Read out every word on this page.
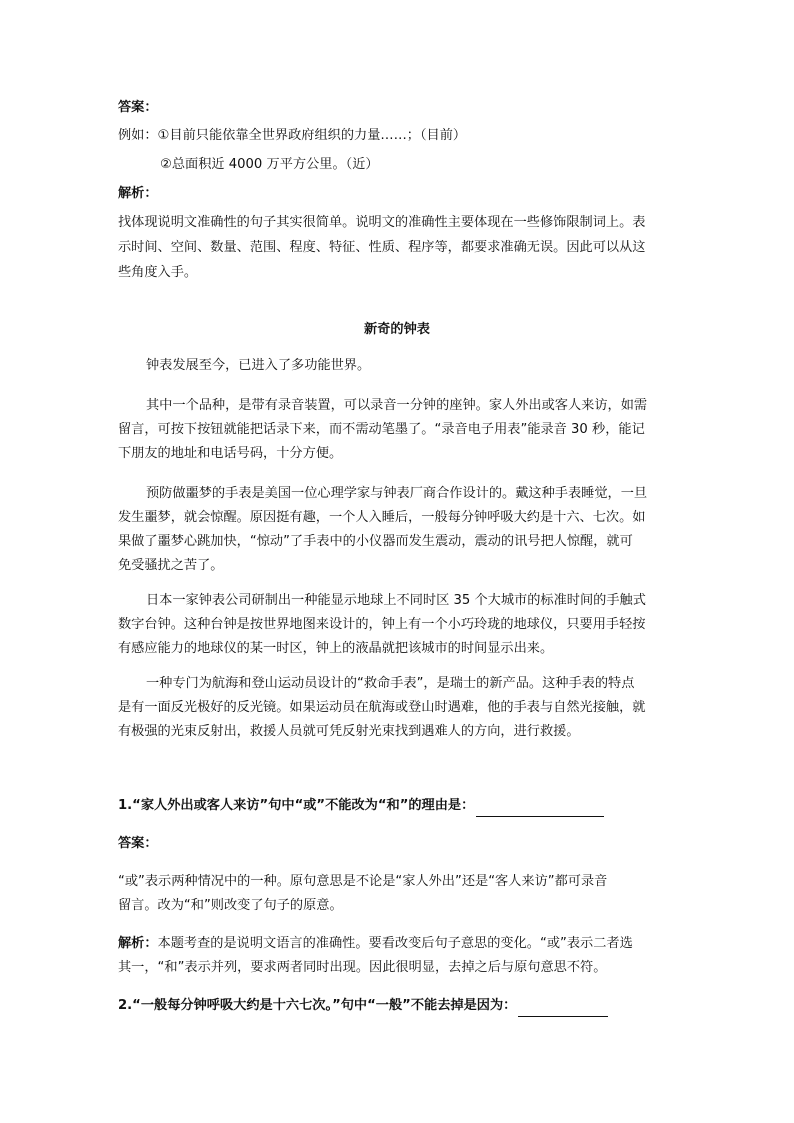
答案：
例如：①目前只能依靠全世界政府组织的力量……；（目前）
②总面积近 4000 万平方公里。（近）
解析：
找体现说明文准确性的句子其实很简单。说明文的准确性主要体现在一些修饰限制词上。表
示时间、空间、数量、范围、程度、特征、性质、程序等，都要求准确无误。因此可以从这
些角度入手。
新奇的钟表
钟表发展至今，已进入了多功能世界。
其中一个品种，是带有录音装置，可以录音一分钟的座钟。家人外出或客人来访，如需
留言，可按下按钮就能把话录下来，而不需动笔墨了。“录音电子用表”能录音 30 秒，能记
下朋友的地址和电话号码，十分方便。
预防做噩梦的手表是美国一位心理学家与钟表厂商合作设计的。戴这种手表睡觉，一旦
发生噩梦，就会惊醒。原因挺有趣，一个人入睡后，一般每分钟呼吸大约是十六、七次。如
果做了噩梦心跳加快，“惊动”了手表中的小仪器而发生震动，震动的讯号把人惊醒，就可
免受骚扰之苦了。
日本一家钟表公司研制出一种能显示地球上不同时区 35 个大城市的标准时间的手触式
数字台钟。这种台钟是按世界地图来设计的，钟上有一个小巧玲珑的地球仪，只要用手轻按
有感应能力的地球仪的某一时区，钟上的液晶就把该城市的时间显示出来。
一种专门为航海和登山运动员设计的“救命手表”，是瑞士的新产品。这种手表的特点
是有一面反光极好的反光镜。如果运动员在航海或登山时遇难，他的手表与自然光接触，就
有极强的光束反射出，救援人员就可凭反射光束找到遇难人的方向，进行救援。
1.“家人外出或客人来访”句中“或”不能改为“和”的理由是：
答案：
“或”表示两种情况中的一种。原句意思是不论是“家人外出”还是“客人来访”都可录音
留言。改为“和”则改变了句子的原意。
解析：本题考查的是说明文语言的准确性。要看改变后句子意思的变化。“或”表示二者选
其一，“和”表示并列，要求两者同时出现。因此很明显，去掉之后与原句意思不符。
2.“一般每分钟呼吸大约是十六七次。”句中“一般”不能去掉是因为：
